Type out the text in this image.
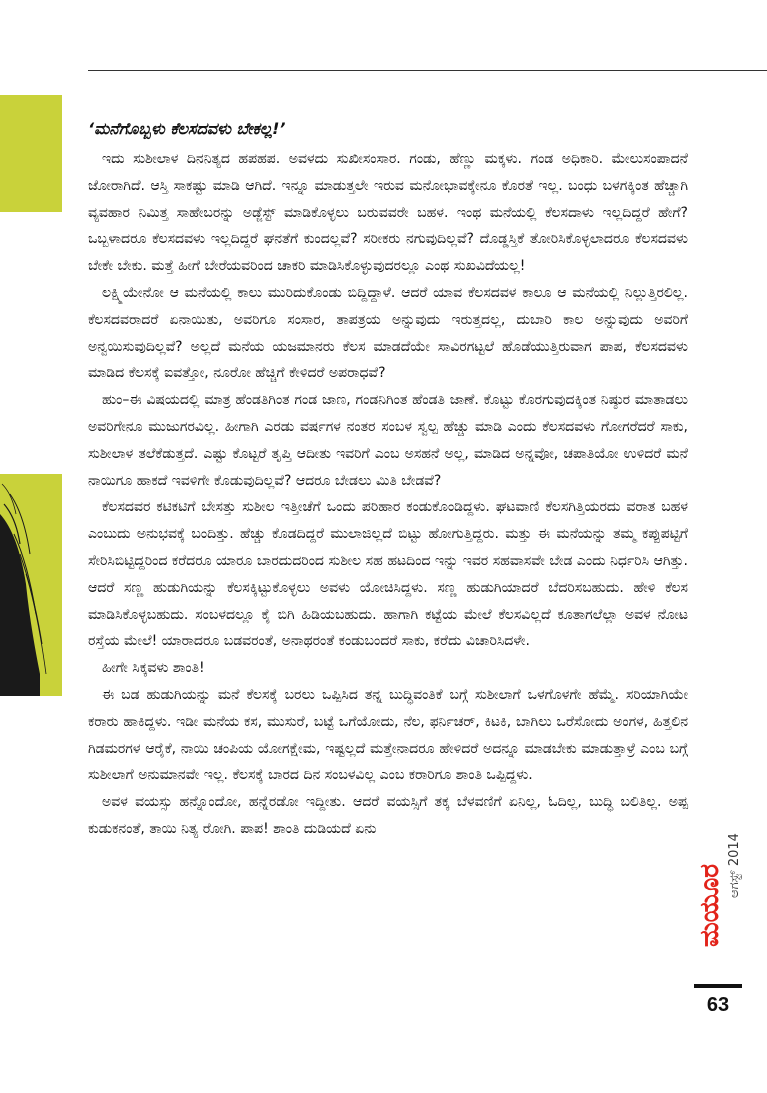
‘ಮನೆಗೊಬ್ಬಳು ಕೆಲಸದವಳು ಬೇಕಲ್ಲ!’

ಇದು ಸುಶೀಲಾಳ ದಿನನಿತ್ಯದ ಹಪಹಪ. ಅವಳದು ಸುಖೀಸಂಸಾರ. ಗಂಡು, ಹೆಣ್ಣು ಮಕ್ಕಳು. ಗಂಡ ಅಧಿಕಾರಿ. ಮೇಲುಸಂಪಾದನೆ ಜೋರಾಗಿದೆ. ಆಸ್ತಿ ಸಾಕಷ್ಟು ಮಾಡಿ ಆಗಿದೆ. ಇನ್ನೂ ಮಾಡುತ್ತಲೇ ಇರುವ ಮನೋಭಾವಕ್ಕೇನೂ ಕೊರತೆ ಇಲ್ಲ. ಬಂಧು ಬಳಗಕ್ಕಿಂತ ಹೆಚ್ಚಾಗಿ ವ್ಯವಹಾರ ನಿಮಿತ್ತ ಸಾಹೇಬರನ್ನು ಅಡ್ಜೆಸ್ಟ್ ಮಾಡಿಕೊಳ್ಳಲು ಬರುವವರೇ ಬಹಳ. ಇಂಥ ಮನೆಯಲ್ಲಿ ಕೆಲಸದಾಳು ಇಲ್ಲದಿದ್ದರೆ ಹೇಗೆ? ಒಬ್ಬಳಾದರೂ ಕೆಲಸದವಳು ಇಲ್ಲದಿದ್ದರೆ ಘನತೆಗೆ ಕುಂದಲ್ಲವೆ? ಸರೀಕರು ನಗುವುದಿಲ್ಲವೆ? ದೊಡ್ಡಸ್ತಿಕೆ ತೋರಿಸಿಕೊಳ್ಳಲಾದರೂ ಕೆಲಸದವಳು ಬೇಕೇ ಬೇಕು. ಮತ್ತೆ ಹೀಗೆ ಬೇರೆಯವರಿಂದ ಚಾಕರಿ ಮಾಡಿಸಿಕೊಳ್ಳುವುದರಲ್ಲೂ ಎಂಥ ಸುಖವಿದೆಯಲ್ಲ!

ಲಕ್ಷ್ಮಿಯೇನೋ ಆ ಮನೆಯಲ್ಲಿ ಕಾಲು ಮುರಿದುಕೊಂಡು ಬಿದ್ದಿದ್ದಾಳೆ. ಆದರೆ ಯಾವ ಕೆಲಸದವಳ ಕಾಲೂ ಆ ಮನೆಯಲ್ಲಿ ನಿಲ್ಲುತ್ತಿರಲಿಲ್ಲ. ಕೆಲಸದವರಾದರೆ ಏನಾಯಿತು, ಅವರಿಗೂ ಸಂಸಾರ, ತಾಪತ್ರಯ ಅನ್ನುವುದು ಇರುತ್ತದಲ್ಲ, ದುಬಾರಿ ಕಾಲ ಅನ್ನುವುದು ಅವರಿಗೆ ಅನ್ವಯಿಸುವುದಿಲ್ಲವೆ? ಅಲ್ಲದೆ ಮನೆಯ ಯಜಮಾನರು ಕೆಲಸ ಮಾಡದೆಯೇ ಸಾವಿರಗಟ್ಟಲೆ ಹೊಡೆಯುತ್ತಿರುವಾಗ ಪಾಪ, ಕೆಲಸದವಳು ಮಾಡಿದ ಕೆಲಸಕ್ಕೆ ಐವತ್ತೋ, ನೂರೋ ಹೆಚ್ಚಿಗೆ ಕೇಳಿದರೆ ಅಪರಾಧವೆ?

ಹುಂ–ಈ ವಿಷಯದಲ್ಲಿ ಮಾತ್ರ ಹೆಂಡತಿಗಿಂತ ಗಂಡ ಜಾಣ, ಗಂಡನಿಗಿಂತ ಹೆಂಡತಿ ಜಾಣೆ. ಕೊಟ್ಟು ಕೊರಗುವುದಕ್ಕಿಂತ ನಿಷ್ಠುರ ಮಾತಾಡಲು ಅವರಿಗೇನೂ ಮುಜುಗರವಿಲ್ಲ. ಹೀಗಾಗಿ ಎರಡು ವರ್ಷಗಳ ನಂತರ ಸಂಬಳ ಸ್ವಲ್ಪ ಹೆಚ್ಚು ಮಾಡಿ ಎಂದು ಕೆಲಸದವಳು ಗೋಗರೆದರೆ ಸಾಕು, ಸುಶೀಲಾಳ ತಲೆಕೆಡುತ್ತದೆ. ಎಷ್ಟು ಕೊಟ್ಟರೆ ತೃಪ್ತಿ ಆದೀತು ಇವರಿಗೆ ಎಂಬ ಅಸಹನೆ ಅಲ್ಲ, ಮಾಡಿದ ಅನ್ನವೋ, ಚಪಾತಿಯೋ ಉಳಿದರೆ ಮನೆ ನಾಯಿಗೂ ಹಾಕದೆ ಇವಳಿಗೇ ಕೊಡುವುದಿಲ್ಲವೆ? ಆದರೂ ಬೇಡಲು ಮಿತಿ ಬೇಡವೆ?

ಕೆಲಸದವರ ಕಟಿಕಟಿಗೆ ಬೇಸತ್ತು ಸುಶೀಲ ಇತ್ತೀಚೆಗೆ ಒಂದು ಪರಿಹಾರ ಕಂಡುಕೊಂಡಿದ್ದಳು. ಘಟವಾಣಿ ಕೆಲಸಗಿತ್ತಿಯರದು ವರಾತ ಬಹಳ ಎಂಬುದು ಅನುಭವಕ್ಕೆ ಬಂದಿತ್ತು. ಹೆಚ್ಚು ಕೊಡದಿದ್ದರೆ ಮುಲಾಜಿಲ್ಲದೆ ಬಿಟ್ಟು ಹೋಗುತ್ತಿದ್ದರು. ಮತ್ತು ಈ ಮನೆಯನ್ನು ತಮ್ಮ ಕಪ್ಪುಪಟ್ಟಿಗೆ ಸೇರಿಸಿಬಿಟ್ಟಿದ್ದರಿಂದ ಕರೆದರೂ ಯಾರೂ ಬಾರದುದರಿಂದ ಸುಶೀಲ ಸಹ ಹಟದಿಂದ ಇನ್ನು ಇವರ ಸಹವಾಸವೇ ಬೇಡ ಎಂದು ನಿರ್ಧರಿಸಿ ಆಗಿತ್ತು. ಆದರೆ ಸಣ್ಣ ಹುಡುಗಿಯನ್ನು ಕೆಲಸಕ್ಕಿಟ್ಟುಕೊಳ್ಳಲು ಅವಳು ಯೋಚಿಸಿದ್ದಳು. ಸಣ್ಣ ಹುಡುಗಿಯಾದರೆ ಬೆದರಿಸಬಹುದು. ಹೇಳಿ ಕೆಲಸ ಮಾಡಿಸಿಕೊಳ್ಳಬಹುದು. ಸಂಬಳದಲ್ಲೂ ಕೈ ಬಿಗಿ ಹಿಡಿಯಬಹುದು. ಹಾಗಾಗಿ ಕಟ್ಟೆಯ ಮೇಲೆ ಕೆಲಸವಿಲ್ಲದೆ ಕೂತಾಗಲೆಲ್ಲಾ ಅವಳ ನೋಟ ರಸ್ತೆಯ ಮೇಲೆ! ಯಾರಾದರೂ ಬಡವರಂತೆ, ಅನಾಥರಂತೆ ಕಂಡುಬಂದರೆ ಸಾಕು, ಕರೆದು ವಿಚಾರಿಸಿದಳೇ.

ಹೀಗೇ ಸಿಕ್ಕವಳು ಶಾಂತಿ!

ಈ ಬಡ ಹುಡುಗಿಯನ್ನು ಮನೆ ಕೆಲಸಕ್ಕೆ ಬರಲು ಒಪ್ಪಿಸಿದ ತನ್ನ ಬುದ್ಧಿವಂತಿಕೆ ಬಗ್ಗೆ ಸುಶೀಲಾಗೆ ಒಳಗೊಳಗೇ ಹೆಮ್ಮೆ. ಸರಿಯಾಗಿಯೇ ಕರಾರು ಹಾಕಿದ್ದಳು. ಇಡೀ ಮನೆಯ ಕಸ, ಮುಸುರೆ, ಬಟ್ಟೆ ಒಗೆಯೋದು, ನೆಲ, ಫರ್ನಿಚರ್, ಕಿಟಕಿ, ಬಾಗಿಲು ಒರೆಸೋದು ಅಂಗಳ, ಹಿತ್ತಲಿನ ಗಿಡಮರಗಳ ಆರೈಕೆ, ನಾಯಿ ಚಂಪಿಯ ಯೋಗಕ್ಷೇಮ, ಇಷ್ಟಲ್ಲದೆ ಮತ್ತೇನಾದರೂ ಹೇಳಿದರೆ ಅದನ್ನೂ ಮಾಡಬೇಕು ಮಾಡುತ್ತಾಳ್ರೆ ಎಂಬ ಬಗ್ಗೆ ಸುಶೀಲಾಗೆ ಅನುಮಾನವೇ ಇಲ್ಲ. ಕೆಲಸಕ್ಕೆ ಬಾರದ ದಿನ ಸಂಬಳವಿಲ್ಲ ಎಂಬ ಕರಾರಿಗೂ ಶಾಂತಿ ಒಪ್ಪಿದ್ದಳು.

ಅವಳ ವಯಸ್ಸು ಹನ್ನೊಂದೋ, ಹನ್ನೆರಡೋ ಇದ್ದೀತು. ಆದರೆ ವಯಸ್ಸಿಗೆ ತಕ್ಕ ಬೆಳವಣಿಗೆ ಏನಿಲ್ಲ, ಓದಿಲ್ಲ, ಬುದ್ಧಿ ಬಲಿತಿಲ್ಲ. ಅಪ್ಪ ಕುಡುಕನಂತೆ, ತಾಯಿ ನಿತ್ಯ ರೋಗಿ. ಪಾಪ! ಶಾಂತಿ ದುಡಿಯದೆ ಏನು

ಮಯೂರ ಆಗಸ್ಟ್ 2014
63
